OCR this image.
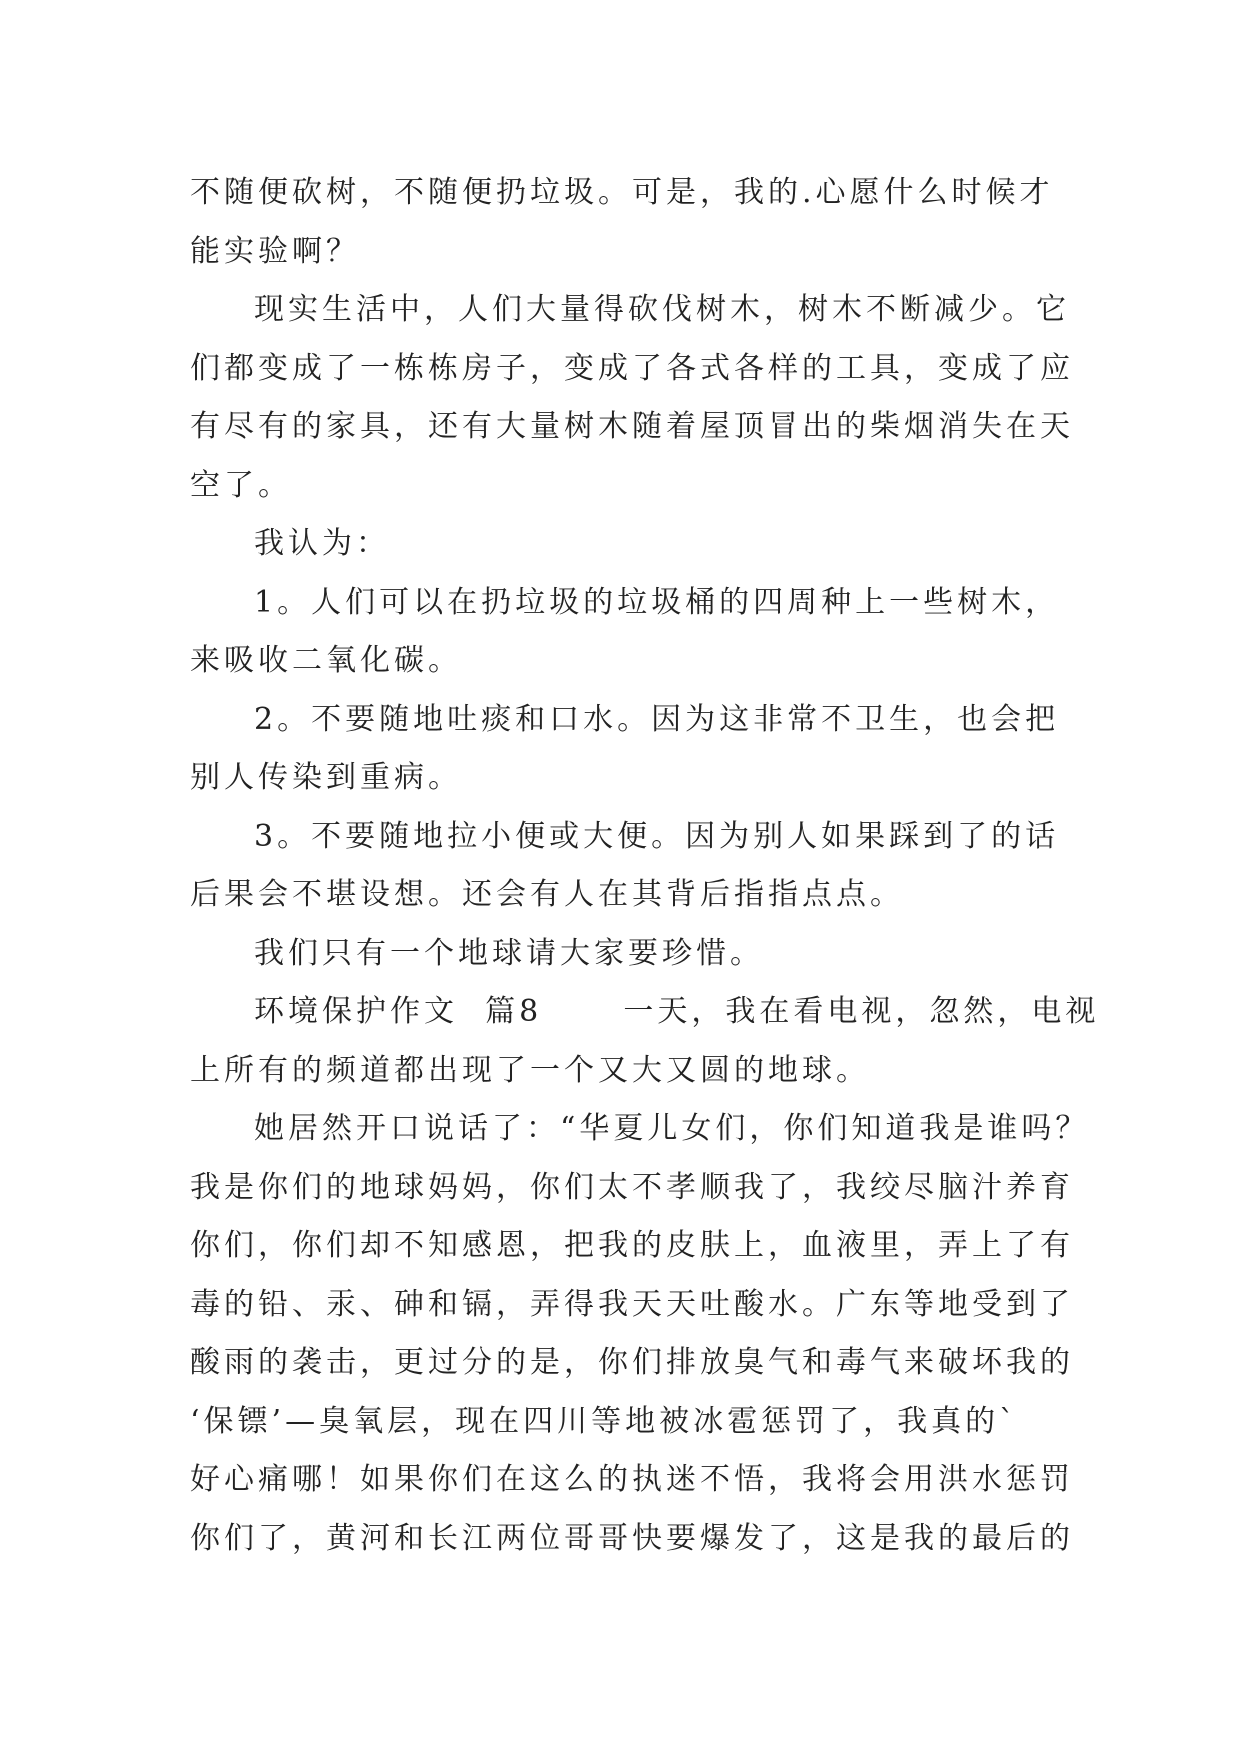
不随便砍树，不随便扔垃圾。可是，我的.心愿什么时候才
能实验啊？

现实生活中，人们大量得砍伐树木，树木不断减少。它
们都变成了一栋栋房子，变成了各式各样的工具，变成了应
有尽有的家具，还有大量树木随着屋顶冒出的柴烟消失在天
空了。

我认为：

1。人们可以在扔垃圾的垃圾桶的四周种上一些树木，
来吸收二氧化碳。

2。不要随地吐痰和口水。因为这非常不卫生，也会把
别人传染到重病。

3。不要随地拉小便或大便。因为别人如果踩到了的话
后果会不堪设想。还会有人在其背后指指点点。

我们只有一个地球请大家要珍惜。

环境保护作文  篇8      一天，我在看电视，忽然，电视
上所有的频道都出现了一个又大又圆的地球。

她居然开口说话了：“华夏儿女们，你们知道我是谁吗？
我是你们的地球妈妈，你们太不孝顺我了，我绞尽脑汁养育
你们，你们却不知感恩，把我的皮肤上，血液里，弄上了有
毒的铅、汞、砷和镉，弄得我天天吐酸水。广东等地受到了
酸雨的袭击，更过分的是，你们排放臭气和毒气来破坏我的
‘保镖’—臭氧层，现在四川等地被冰雹惩罚了，我真的`
好心痛哪！如果你们在这么的执迷不悟，我将会用洪水惩罚
你们了，黄河和长江两位哥哥快要爆发了，这是我的最后的
